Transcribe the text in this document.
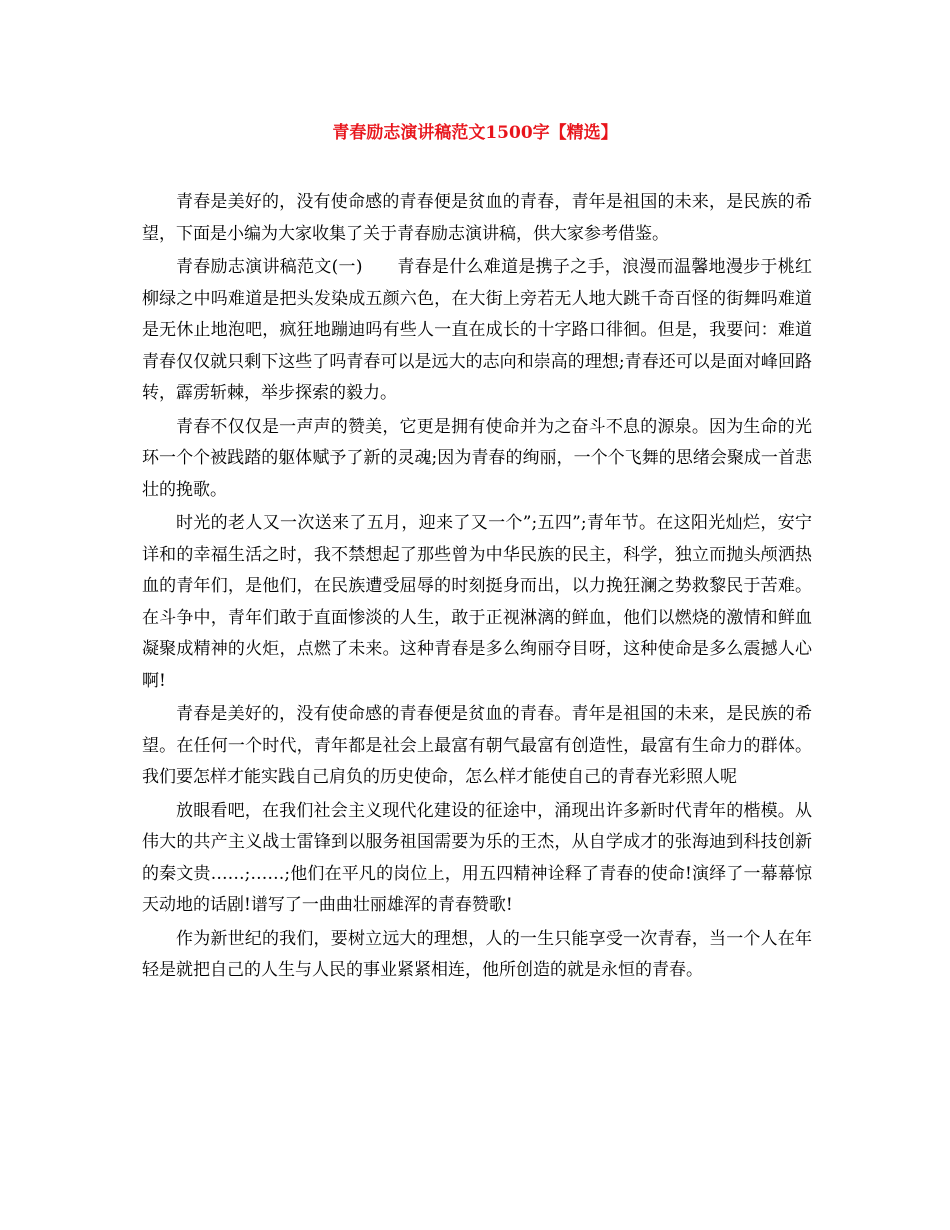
青春励志演讲稿范文1500字【精选】

青春是美好的，没有使命感的青春便是贫血的青春，青年是祖国的未来，是民族的希望，下面是小编为大家收集了关于青春励志演讲稿，供大家参考借鉴。

青春励志演讲稿范文(一)　　青春是什么难道是携子之手，浪漫而温馨地漫步于桃红柳绿之中吗难道是把头发染成五颜六色，在大街上旁若无人地大跳千奇百怪的街舞吗难道是无休止地泡吧，疯狂地蹦迪吗有些人一直在成长的十字路口徘徊。但是，我要问：难道青春仅仅就只剩下这些了吗青春可以是远大的志向和崇高的理想;青春还可以是面对峰回路转，霹雳斩棘，举步探索的毅力。

青春不仅仅是一声声的赞美，它更是拥有使命并为之奋斗不息的源泉。因为生命的光环一个个被践踏的躯体赋予了新的灵魂;因为青春的绚丽，一个个飞舞的思绪会聚成一首悲壮的挽歌。

时光的老人又一次送来了五月，迎来了又一个”;五四”;青年节。在这阳光灿烂，安宁详和的幸福生活之时，我不禁想起了那些曾为中华民族的民主，科学，独立而抛头颅洒热血的青年们，是他们，在民族遭受屈辱的时刻挺身而出，以力挽狂澜之势救黎民于苦难。在斗争中，青年们敢于直面惨淡的人生，敢于正视淋漓的鲜血，他们以燃烧的激情和鲜血凝聚成精神的火炬，点燃了未来。这种青春是多么绚丽夺目呀，这种使命是多么震撼人心啊!

青春是美好的，没有使命感的青春便是贫血的青春。青年是祖国的未来，是民族的希望。在任何一个时代，青年都是社会上最富有朝气最富有创造性，最富有生命力的群体。我们要怎样才能实践自己肩负的历史使命，怎么样才能使自己的青春光彩照人呢

放眼看吧，在我们社会主义现代化建设的征途中，涌现出许多新时代青年的楷模。从伟大的共产主义战士雷锋到以服务祖国需要为乐的王杰，从自学成才的张海迪到科技创新的秦文贵……;……;他们在平凡的岗位上，用五四精神诠释了青春的使命!演绎了一幕幕惊天动地的话剧!谱写了一曲曲壮丽雄浑的青春赞歌!

作为新世纪的我们，要树立远大的理想，人的一生只能享受一次青春，当一个人在年轻是就把自己的人生与人民的事业紧紧相连，他所创造的就是永恒的青春。
